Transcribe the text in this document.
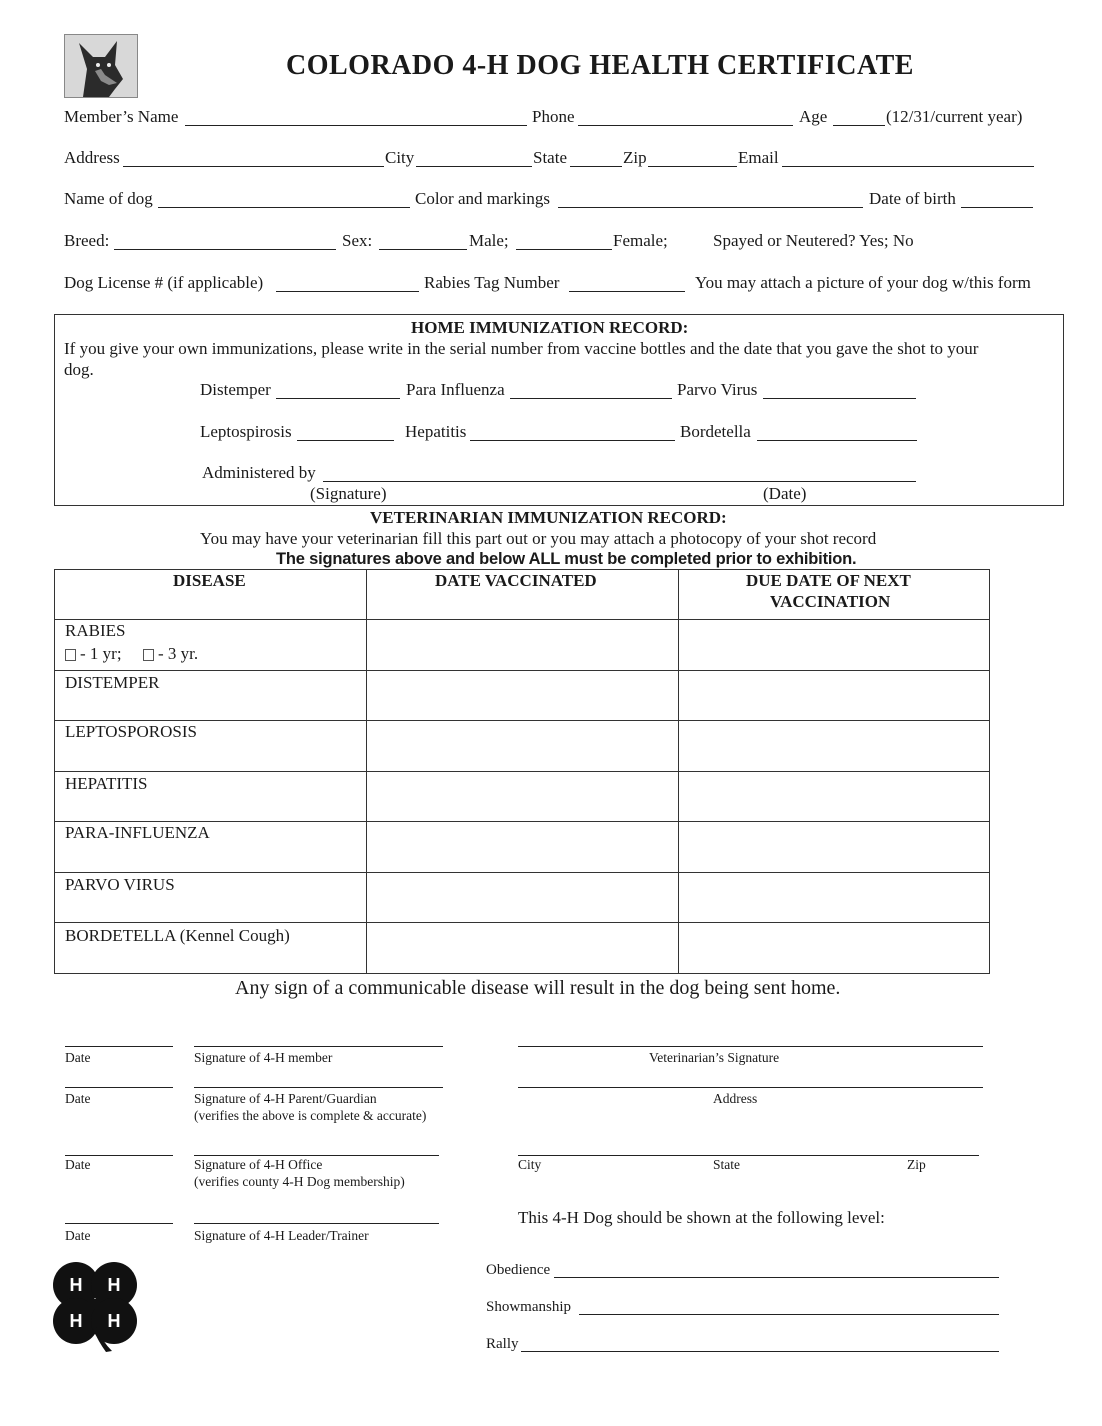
COLORADO 4-H DOG HEALTH CERTIFICATE
Member’s Name	Phone	Age	(12/31/current year)
Address	City	State	Zip	Email
Name of dog	Color and markings	Date of birth
Breed:	Sex:	Male;	Female;	Spayed or Neutered? Yes; No
Dog License # (if applicable)	Rabies Tag Number	You may attach a picture of your dog w/this form
HOME IMMUNIZATION RECORD:
If you give your own immunizations, please write in the serial number from vaccine bottles and the date that you gave the shot to your
dog.
Distemper	Para Influenza	Parvo Virus
Leptospirosis	Hepatitis	Bordetella
Administered by
(Signature)	(Date)
VETERINARIAN IMMUNIZATION RECORD:
You may have your veterinarian fill this part out or you may attach a photocopy of your shot record
The signatures above and below ALL must be completed prior to exhibition.
DISEASE	DATE VACCINATED	DUE DATE OF NEXT
VACCINATION
RABIES
- 1 yr;	- 3 yr.
DISTEMPER
LEPTOSPOROSIS
HEPATITIS
PARA-INFLUENZA
PARVO VIRUS
BORDETELLA (Kennel Cough)
Any sign of a communicable disease will result in the dog being sent home.
Date	Signature of 4-H member
Date	Signature of 4-H Parent/Guardian
(verifies the above is complete & accurate)
Date	Signature of 4-H Office
(verifies county 4-H Dog membership)
Date	Signature of 4-H Leader/Trainer
Veterinarian’s Signature
Address
City	State	Zip
This 4-H Dog should be shown at the following level:
Obedience
Showmanship
Rally
H H
H H
